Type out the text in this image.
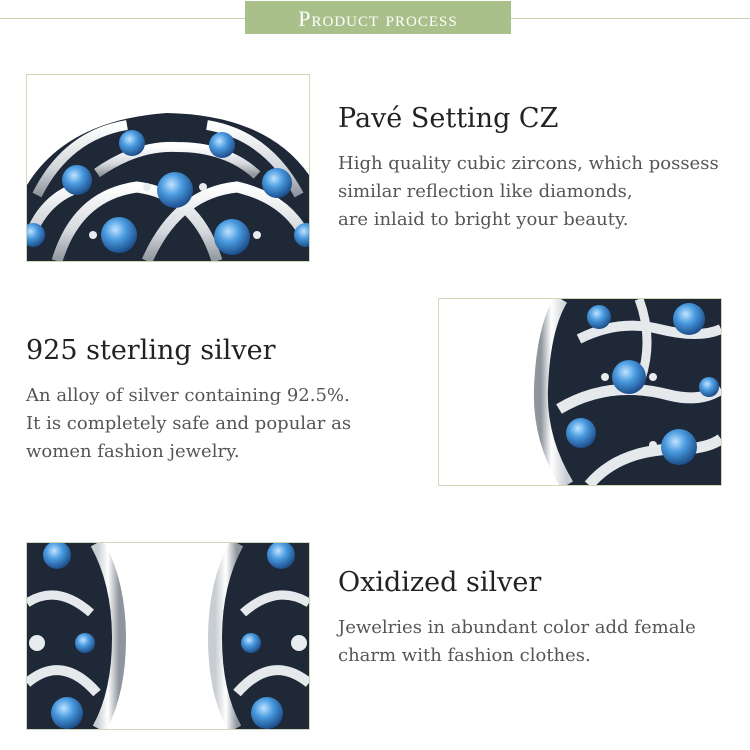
Product process
Pavé Setting CZ
High quality cubic zircons, which possess
similar reflection like diamonds,
are inlaid to bright your beauty.
925 sterling silver
An alloy of silver containing 92.5%.
It is completely safe and popular as
women fashion jewelry.
Oxidized silver
Jewelries in abundant color add female
charm with fashion clothes.
